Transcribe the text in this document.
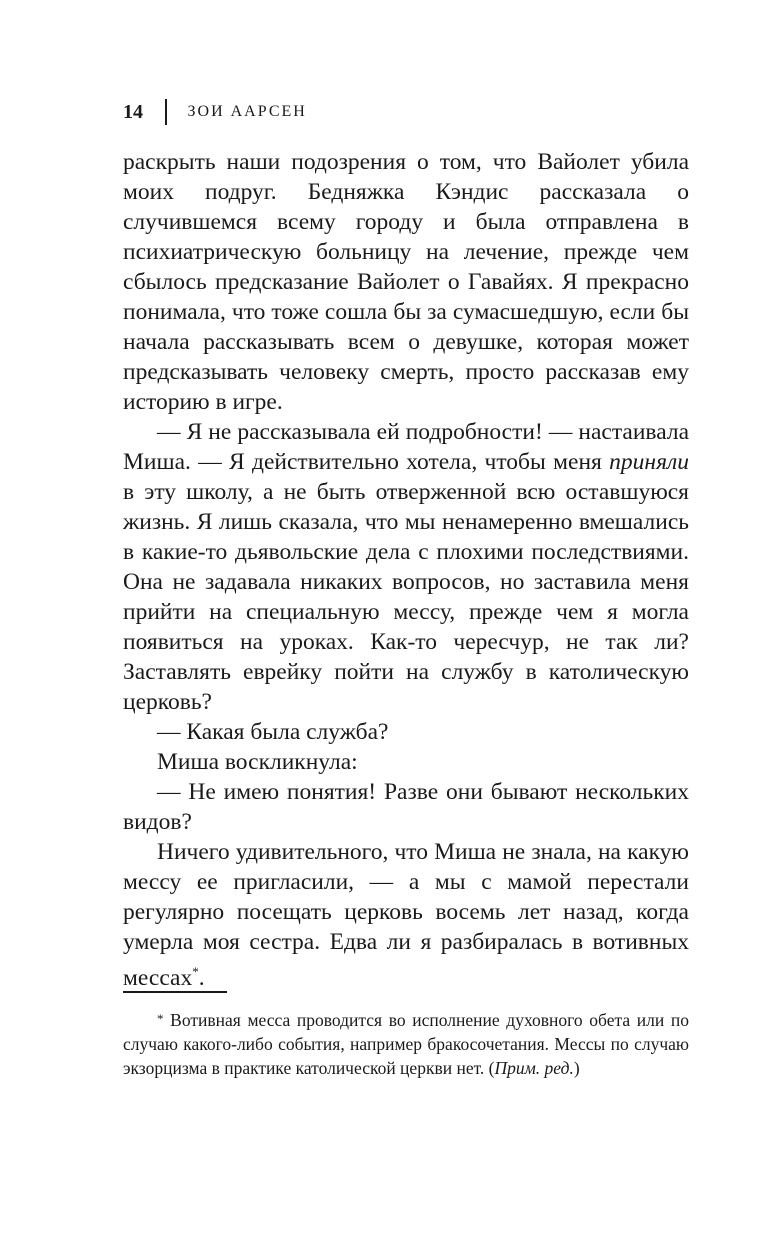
14	ЗОИ ААРСЕН

раскрыть наши подозрения о том, что Вайолет убила моих подруг. Бедняжка Кэндис рассказала о случившемся всему городу и была отправлена в психиатрическую больницу на лечение, прежде чем сбылось предсказание Вайолет о Гавайях. Я прекрасно понимала, что тоже сошла бы за сумасшедшую, если бы начала рассказывать всем о девушке, которая может предсказывать человеку смерть, просто рассказав ему историю в игре.

— Я не рассказывала ей подробности! — настаивала Миша. — Я действительно хотела, чтобы меня приняли в эту школу, а не быть отверженной всю оставшуюся жизнь. Я лишь сказала, что мы ненамеренно вмешались в какие-то дьявольские дела с плохими последствиями. Она не задавала никаких вопросов, но заставила меня прийти на специальную мессу, прежде чем я могла появиться на уроках. Как-то чересчур, не так ли? Заставлять еврейку пойти на службу в католическую церковь?

— Какая была служба?

Миша воскликнула:

— Не имею понятия! Разве они бывают нескольких видов?

Ничего удивительного, что Миша не знала, на какую мессу ее пригласили, — а мы с мамой перестали регулярно посещать церковь восемь лет назад, когда умерла моя сестра. Едва ли я разбиралась в вотивных мессах*.

* Вотивная месса проводится во исполнение духовного обета или по случаю какого-либо события, например бракосочетания. Мессы по случаю экзорцизма в практике католической церкви нет. (Прим. ред.)
